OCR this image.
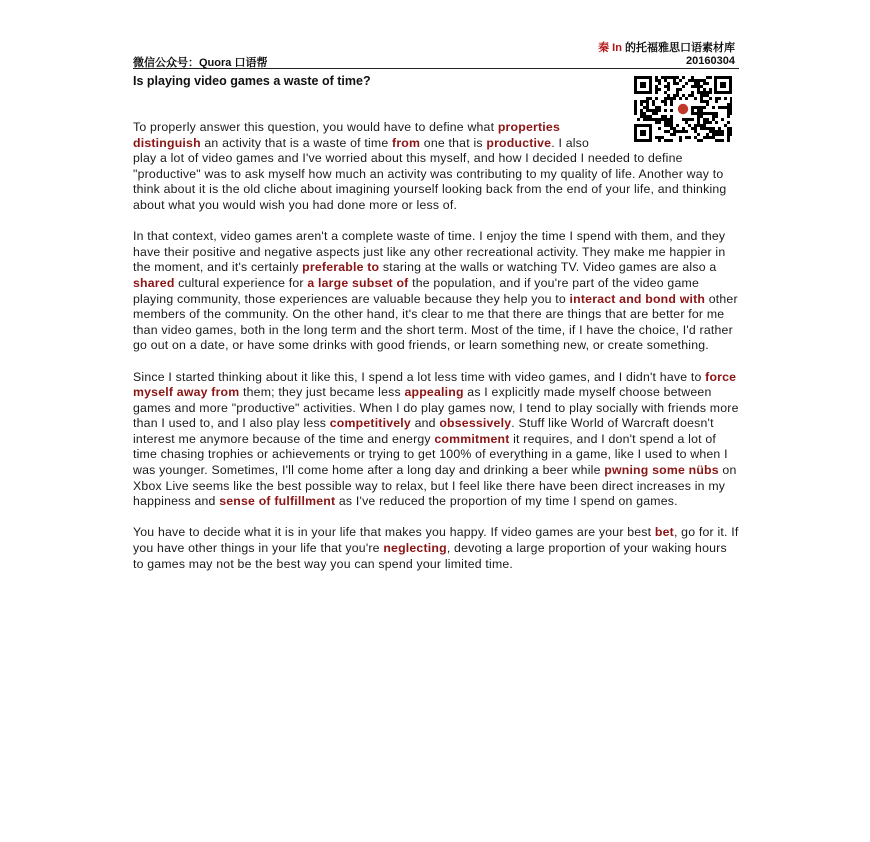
秦 In 的托福雅思口语素材库
20160304
微信公众号：Quora 口语帮
Is playing video games a waste of time?

To properly answer this question, you would have to define what properties distinguish an activity that is a waste of time from one that is productive. I also play a lot of video games and I've worried about this myself, and how I decided I needed to define "productive" was to ask myself how much an activity was contributing to my quality of life. Another way to think about it is the old cliche about imagining yourself looking back from the end of your life, and thinking about what you would wish you had done more or less of.

In that context, video games aren't a complete waste of time. I enjoy the time I spend with them, and they have their positive and negative aspects just like any other recreational activity. They make me happier in the moment, and it's certainly preferable to staring at the walls or watching TV. Video games are also a shared cultural experience for a large subset of the population, and if you're part of the video game playing community, those experiences are valuable because they help you to interact and bond with other members of the community. On the other hand, it's clear to me that there are things that are better for me than video games, both in the long term and the short term. Most of the time, if I have the choice, I'd rather go out on a date, or have some drinks with good friends, or learn something new, or create something.

Since I started thinking about it like this, I spend a lot less time with video games, and I didn't have to force myself away from them; they just became less appealing as I explicitly made myself choose between games and more "productive" activities. When I do play games now, I tend to play socially with friends more than I used to, and I also play less competitively and obsessively. Stuff like World of Warcraft doesn't interest me anymore because of the time and energy commitment it requires, and I don't spend a lot of time chasing trophies or achievements or trying to get 100% of everything in a game, like I used to when I was younger. Sometimes, I'll come home after a long day and drinking a beer while pwning some nübs on Xbox Live seems like the best possible way to relax, but I feel like there have been direct increases in my happiness and sense of fulfillment as I've reduced the proportion of my time I spend on games.

You have to decide what it is in your life that makes you happy. If video games are your best bet, go for it. If you have other things in your life that you're neglecting, devoting a large proportion of your waking hours to games may not be the best way you can spend your limited time.
